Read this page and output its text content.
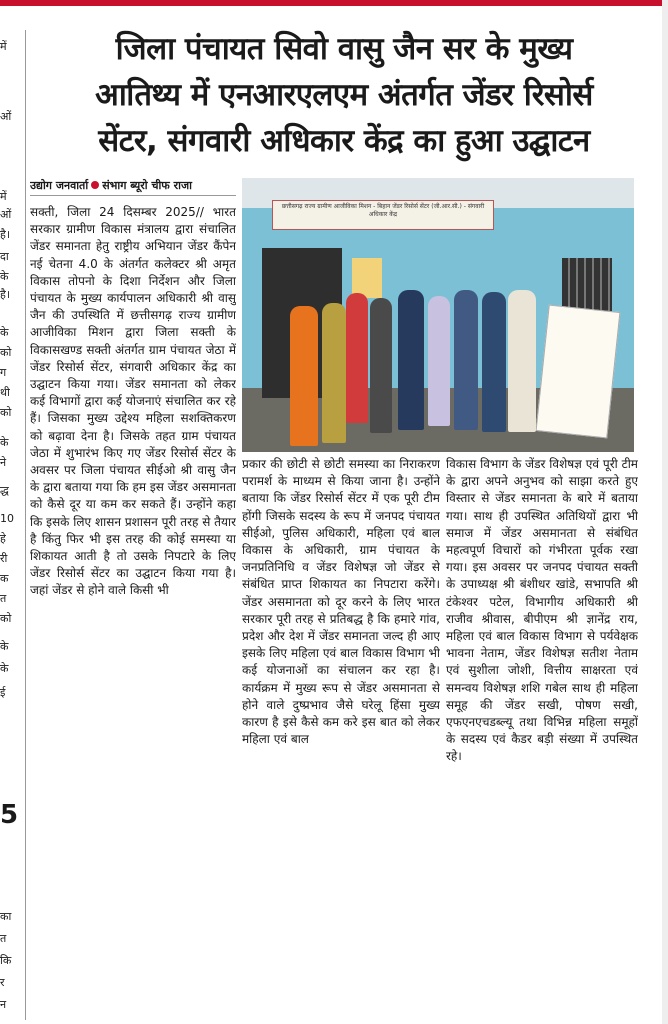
में
ओं
में
ओं
है।
दा
के
है।
के
को
ग
थी
को
के
ने
द्ध
10
हे
री
क
त
को
के
के
ई
5
का
त
कि
र
न
जिला पंचायत सिवो वासु जैन सर के मुख्य
आतिथ्य में एनआरएलएम अंतर्गत जेंडर रिसोर्स
सेंटर, संगवारी अधिकार केंद्र का हुआ उद्घाटन
उद्योग जनवार्ता संभाग ब्यूरो चीफ राजा
छत्तीसगढ़ राज्य ग्रामीण आजीविका मिशन - बिहान जेंडर रिसोर्स सेंटर (जी.आर.सी.) - संगवारी अधिकार केंद्र
सक्ती, जिला 24 दिसम्बर 2025// भारत सरकार ग्रामीण विकास मंत्रालय द्वारा संचालित जेंडर समानता हेतु राष्ट्रीय अभियान जेंडर कैंपेन नई चेतना 4.0 के अंतर्गत कलेक्टर श्री अमृत विकास तोपनो के दिशा निर्देशन और जिला पंचायत के मुख्य कार्यपालन अधिकारी श्री वासु जैन की उपस्थिति में छत्तीसगढ़ राज्य ग्रामीण आजीविका मिशन द्वारा जिला सक्ती के विकासखण्ड सक्ती अंतर्गत ग्राम पंचायत जेठा में जेंडर रिसोर्स सेंटर, संगवारी अधिकार केंद्र का उद्घाटन किया गया। जेंडर समानता को लेकर कई विभागों द्वारा कई योजनाएं संचालित कर रहे हैं। जिसका मुख्य उद्देश्य महिला सशक्तिकरण को बढ़ावा देना है। जिसके तहत ग्राम पंचायत जेठा में शुभारंभ किए गए जेंडर रिसोर्स सेंटर के अवसर पर जिला पंचायत सीईओ श्री वासु जैन के द्वारा बताया गया कि हम इस जेंडर असमानता को कैसे दूर या कम कर सकते हैं। उन्होंने कहा कि इसके लिए शासन प्रशासन पूरी तरह से तैयार है किंतु फिर भी इस तरह की कोई समस्या या शिकायत आती है तो उसके निपटारे के लिए जेंडर रिसोर्स सेंटर का उद्घाटन किया गया है। जहां जेंडर से होने वाले किसी भी
प्रकार की छोटी से छोटी समस्या का निराकरण परामर्श के माध्यम से किया जाना है। उन्होंने बताया कि जेंडर रिसोर्स सेंटर में एक पूरी टीम होंगी जिसके सदस्य के रूप में जनपद पंचायत सीईओ, पुलिस अधिकारी, महिला एवं बाल विकास के अधिकारी, ग्राम पंचायत के जनप्रतिनिधि व जेंडर विशेषज्ञ जो जेंडर से संबंधित प्राप्त शिकायत का निपटारा करेंगे। जेंडर असमानता को दूर करने के लिए भारत सरकार पूरी तरह से प्रतिबद्ध है कि हमारे गांव, प्रदेश और देश में जेंडर समानता जल्द ही आए इसके लिए महिला एवं बाल विकास विभाग भी कई योजनाओं का संचालन कर रहा है। कार्यक्रम में मुख्य रूप से जेंडर असमानता से होने वाले दुष्प्रभाव जैसे घरेलू हिंसा मुख्य कारण है इसे कैसे कम करे इस बात को लेकर महिला एवं बाल
विकास विभाग के जेंडर विशेषज्ञ एवं पूरी टीम के द्वारा अपने अनुभव को साझा करते हुए विस्तार से जेंडर समानता के बारे में बताया गया। साथ ही उपस्थित अतिथियों द्वारा भी समाज में जेंडर असमानता से संबंधित महत्वपूर्ण विचारों को गंभीरता पूर्वक रखा गया। इस अवसर पर जनपद पंचायत सक्ती के उपाध्यक्ष श्री बंशीधर खांडे, सभापति श्री टंकेश्वर पटेल, विभागीय अधिकारी श्री राजीव श्रीवास, बीपीएम श्री ज्ञानेंद्र राय, महिला एवं बाल विकास विभाग से पर्यवेक्षक भावना नेताम, जेंडर विशेषज्ञ सतीश नेताम एवं सुशीला जोशी, वित्तीय साक्षरता एवं समन्वय विशेषज्ञ शशि गबेल साथ ही महिला समूह की जेंडर सखी, पोषण सखी, एफएनएचडब्ल्यू तथा विभिन्न महिला समूहों के सदस्य एवं कैडर बड़ी संख्या में उपस्थित रहे।
